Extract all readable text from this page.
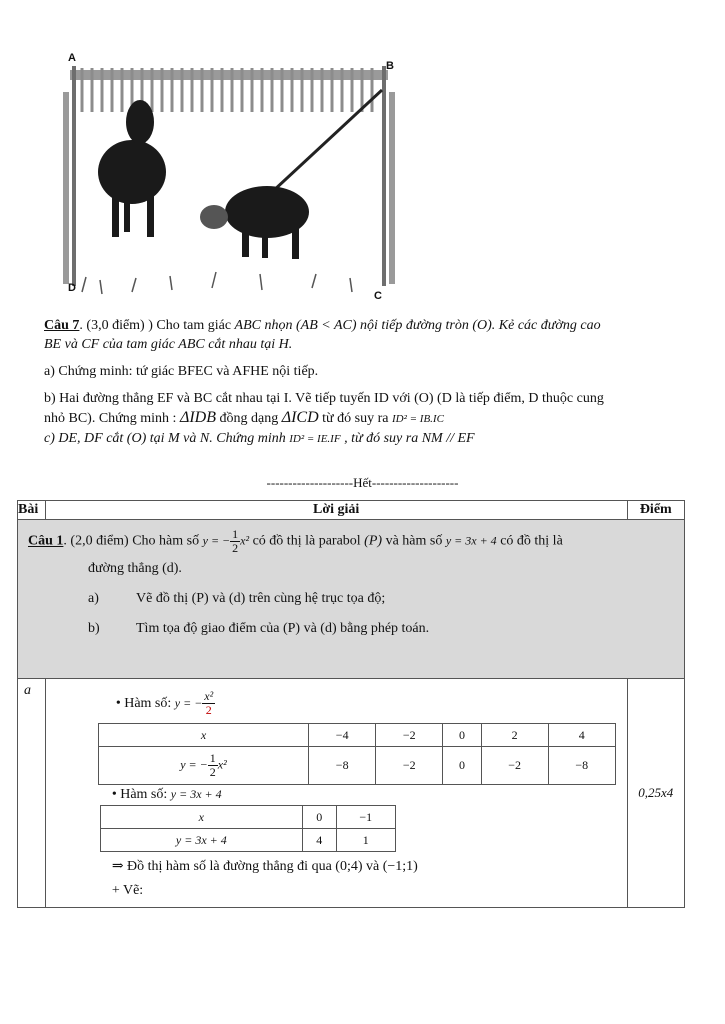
A
B
D
C

Câu 7. (3,0 điểm) ) Cho tam giác ABC nhọn (AB < AC) nội tiếp đường tròn (O). Kẻ các đường cao
BE và CF của tam giác ABC cắt nhau tại H.

a) Chứng minh: tứ giác BFEC và AFHE nội tiếp.

b) Hai đường thẳng EF và BC cắt nhau tại I. Vẽ tiếp tuyến ID với (O) (D là tiếp điểm, D thuộc cung
nhỏ BC). Chứng minh : ΔIDB đồng dạng ΔICD từ đó suy ra ID² = IB.IC

c) DE, DF cắt (O) tại M và N. Chứng minh ID² = IE.IF , từ đó suy ra NM // EF

--------------------Hết--------------------
Bài	Lời giải	Điểm

Câu 1. (2,0 điểm) Cho hàm số y = − $\frac{1}{2} x^2$ có đồ thị là parabol (P) và hàm số y = 3x + 4 có đồ thị là
đường thẳng (d).
a)	Vẽ đồ thị (P) và (d) trên cùng hệ trục tọa độ;
b)	Tìm tọa độ giao điểm của (P) và (d) bằng phép toán.

a	
• Hàm số: y = − $\frac{\text{x²}}{2}$
x	−4	−2	0	2	4
y = − $\frac{1}{2} x^2$	−8	−2	0	−2	−8
• Hàm số: y = 3x + 4
x	0	−1
y = 3x + 4	4	1
⇒ Đồ thị hàm số là đường thẳng đi qua (0;4) và (−1;1)
+ Vẽ:
	0,25x4
